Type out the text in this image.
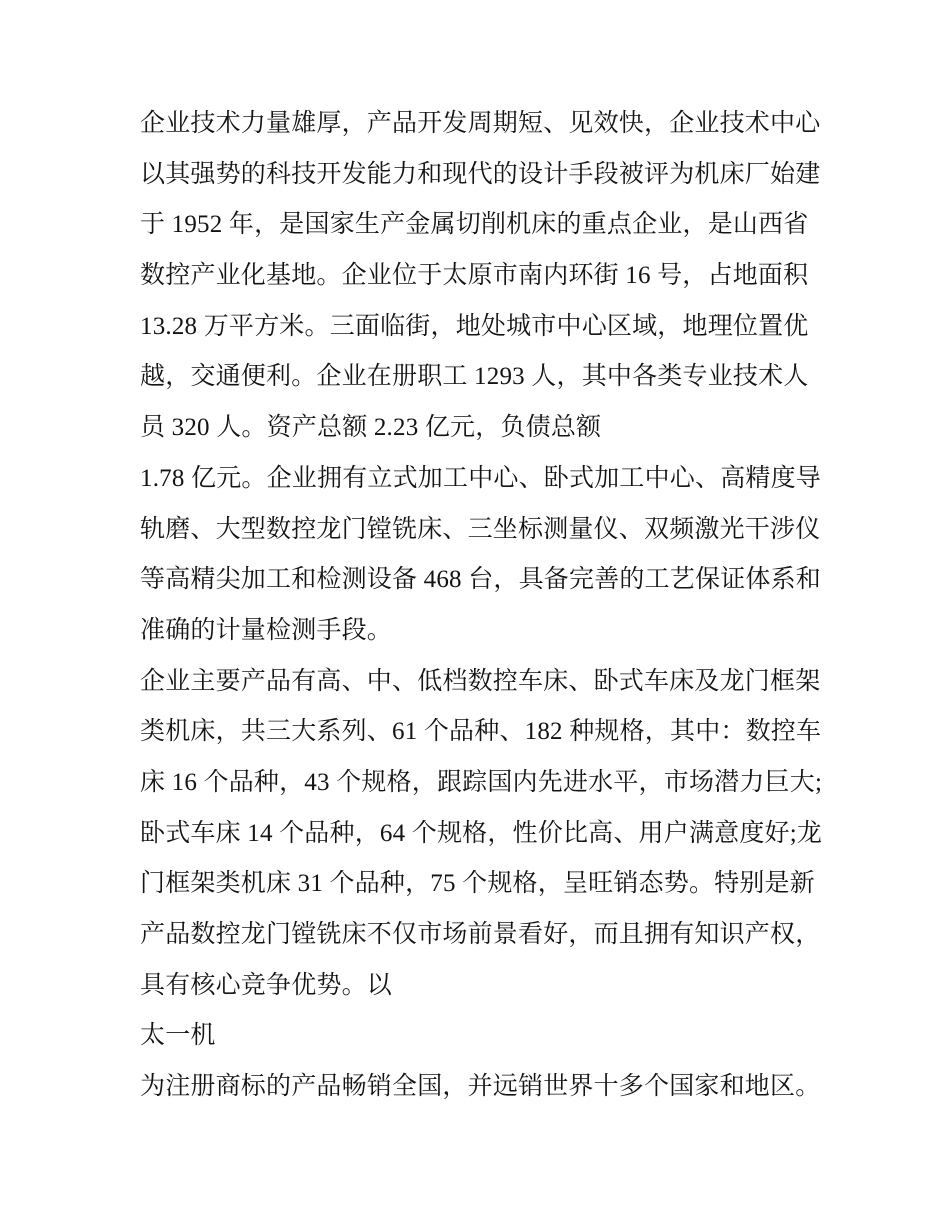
企业技术力量雄厚，产品开发周期短、见效快，企业技术中心
以其强势的科技开发能力和现代的设计手段被评为机床厂始建
于 1952 年，是国家生产金属切削机床的重点企业，是山西省
数控产业化基地。企业位于太原市南内环街 16 号，占地面积
13.28 万平方米。三面临街，地处城市中心区域，地理位置优
越，交通便利。企业在册职工 1293 人，其中各类专业技术人
员 320 人。资产总额 2.23 亿元，负债总额
1.78 亿元。企业拥有立式加工中心、卧式加工中心、高精度导
轨磨、大型数控龙门镗铣床、三坐标测量仪、双频激光干涉仪
等高精尖加工和检测设备 468 台，具备完善的工艺保证体系和
准确的计量检测手段。
企业主要产品有高、中、低档数控车床、卧式车床及龙门框架
类机床，共三大系列、61 个品种、182 种规格，其中：数控车
床 16 个品种，43 个规格，跟踪国内先进水平，市场潜力巨大;
卧式车床 14 个品种，64 个规格，性价比高、用户满意度好;龙
门框架类机床 31 个品种，75 个规格，呈旺销态势。特别是新
产品数控龙门镗铣床不仅市场前景看好，而且拥有知识产权，
具有核心竞争优势。以
太一机
为注册商标的产品畅销全国，并远销世界十多个国家和地区。
